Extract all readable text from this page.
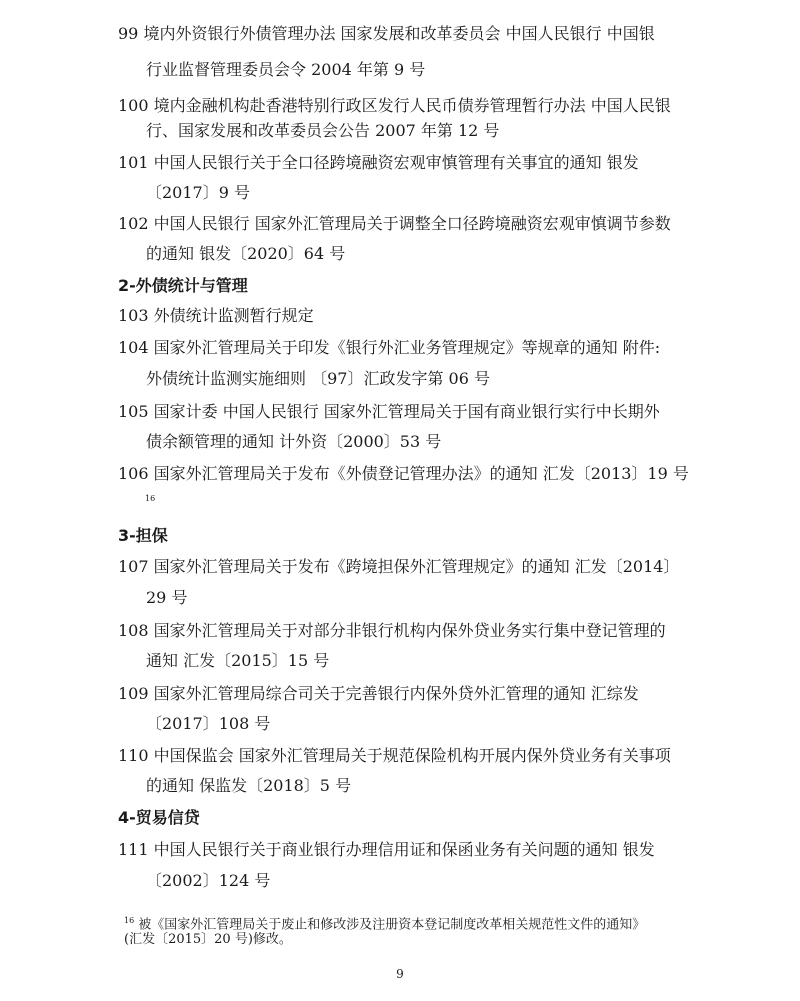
99 境内外资银行外债管理办法 国家发展和改革委员会 中国人民银行 中国银
行业监督管理委员会令 2004 年第 9 号
100 境内金融机构赴香港特别行政区发行人民币债券管理暂行办法 中国人民银
行、国家发展和改革委员会公告 2007 年第 12 号
101 中国人民银行关于全口径跨境融资宏观审慎管理有关事宜的通知 银发
〔2017〕9 号
102 中国人民银行 国家外汇管理局关于调整全口径跨境融资宏观审慎调节参数
的通知 银发〔2020〕64 号
2-外债统计与管理
103 外债统计监测暂行规定
104 国家外汇管理局关于印发《银行外汇业务管理规定》等规章的通知 附件:
外债统计监测实施细则 〔97〕汇政发字第 06 号
105 国家计委 中国人民银行 国家外汇管理局关于国有商业银行实行中长期外
债余额管理的通知 计外资〔2000〕53 号
106 国家外汇管理局关于发布《外债登记管理办法》的通知 汇发〔2013〕19 号
16
3-担保
107 国家外汇管理局关于发布《跨境担保外汇管理规定》的通知 汇发〔2014〕
29 号
108 国家外汇管理局关于对部分非银行机构内保外贷业务实行集中登记管理的
通知 汇发〔2015〕15 号
109 国家外汇管理局综合司关于完善银行内保外贷外汇管理的通知 汇综发
〔2017〕108 号
110 中国保监会 国家外汇管理局关于规范保险机构开展内保外贷业务有关事项
的通知 保监发〔2018〕5 号
4-贸易信贷
111 中国人民银行关于商业银行办理信用证和保函业务有关问题的通知 银发
〔2002〕124 号
$^{16}$ 被《国家外汇管理局关于废止和修改涉及注册资本登记制度改革相关规范性文件的通知》
(汇发〔2015〕20 号)修改。
9
